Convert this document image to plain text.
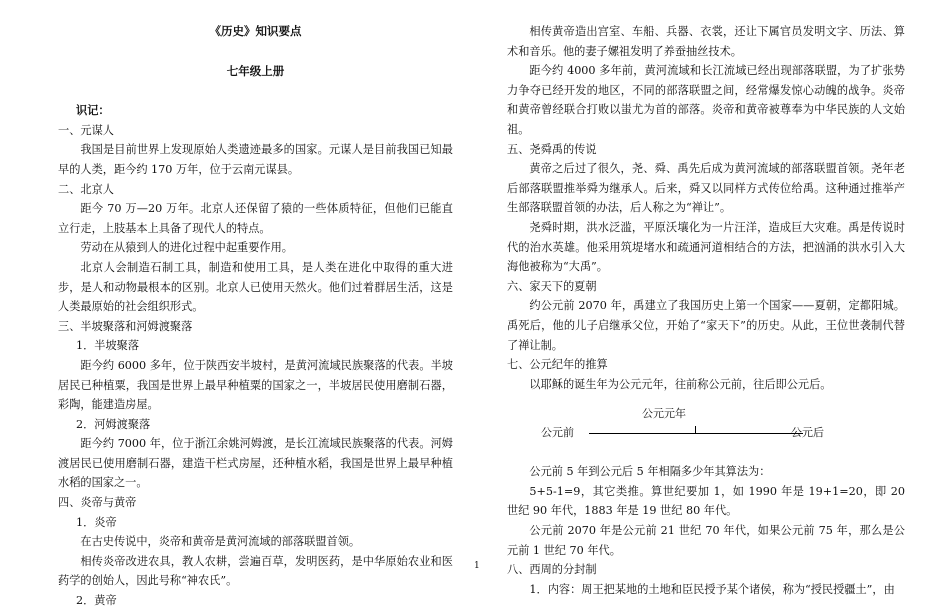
《历史》知识要点
七年级上册
识记：
一、元谋人
我国是目前世界上发现原始人类遗迹最多的国家。元谋人是目前我国已知最早的人类，距今约 170 万年，位于云南元谋县。
二、北京人
距今 70 万—20 万年。北京人还保留了猿的一些体质特征，但他们已能直立行走，上肢基本上具备了现代人的特点。
劳动在从猿到人的进化过程中起重要作用。
北京人会制造石制工具，制造和使用工具，是人类在进化中取得的重大进步，是人和动物最根本的区别。北京人已使用天然火。他们过着群居生活，这是人类最原始的社会组织形式。
三、半坡聚落和河姆渡聚落
1．半坡聚落
距今约 6000 多年，位于陕西安半坡村，是黄河流域民族聚落的代表。半坡居民已种植粟，我国是世界上最早种植粟的国家之一，半坡居民使用磨制石器，彩陶，能建造房屋。
2．河姆渡聚落
距今约 7000 年，位于浙江余姚河姆渡，是长江流域民族聚落的代表。河姆渡居民已使用磨制石器，建造干栏式房屋，还种植水稻，我国是世界上最早种植水稻的国家之一。
四、炎帝与黄帝
1．炎帝
在古史传说中，炎帝和黄帝是黄河流域的部落联盟首领。
相传炎帝改进农具，教人农耕，尝遍百草，发明医药，是中华原始农业和医药学的创始人，因此号称“神农氏”。
2．黄帝
相传黄帝造出宫室、车船、兵器、衣裳，还让下属官员发明文字、历法、算术和音乐。他的妻子嫘祖发明了养蚕抽丝技术。
距今约 4000 多年前，黄河流域和长江流域已经出现部落联盟，为了扩张势力争夺已经开发的地区，不同的部落联盟之间，经常爆发惊心动魄的战争。炎帝和黄帝曾经联合打败以蚩尤为首的部落。炎帝和黄帝被尊奉为中华民族的人文始祖。
五、尧舜禹的传说
黄帝之后过了很久，尧、舜、禹先后成为黄河流域的部落联盟首领。尧年老后部落联盟推举舜为继承人。后来，舜又以同样方式传位给禹。这种通过推举产生部落联盟首领的办法，后人称之为“禅让”。
尧舜时期，洪水泛滥，平原沃壤化为一片汪洋，造成巨大灾难。禹是传说时代的治水英雄。他采用筑堤堵水和疏通河道相结合的方法，把汹涌的洪水引入大海他被称为“大禹”。
六、家天下的夏朝
约公元前 2070 年，禹建立了我国历史上第一个国家——夏朝，定都阳城。禹死后，他的儿子启继承父位，开始了“家天下”的历史。从此，王位世袭制代替了禅让制。
七、公元纪年的推算
以耶稣的诞生年为公元元年，往前称公元前，往后即公元后。
公元元年
公元前	公元后
公元前 5 年到公元后 5 年相隔多少年其算法为：
5+5-1=9，其它类推。算世纪要加 1，如 1990 年是 19+1=20，即 20 世纪 90 年代，1883 年是 19 世纪 80 年代。
公元前 2070 年是公元前 21 世纪 70 年代，如果公元前 75 年，那么是公元前 1 世纪 70 年代。
八、西周的分封制
1．内容：周王把某地的土地和臣民授予某个诸侯，称为“授民授疆土”，由
1
